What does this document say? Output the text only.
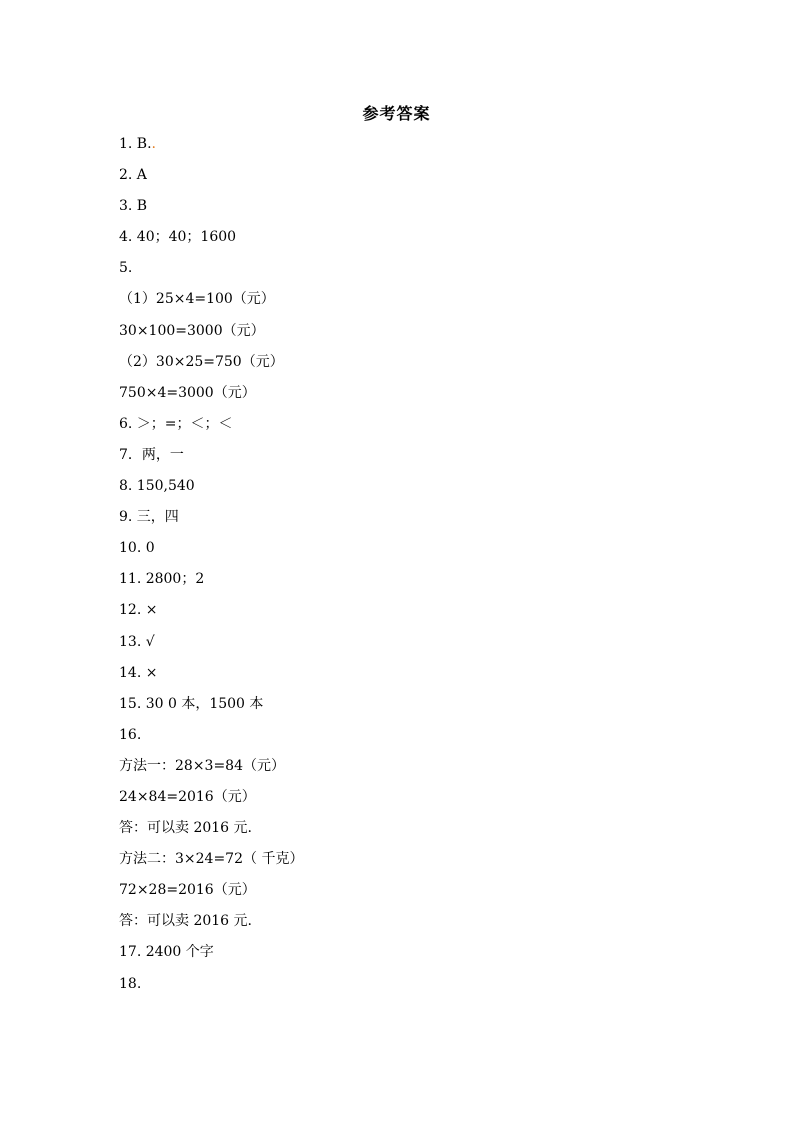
参考答案
1. B..
2. A
3. B
4. 40；40；1600
5.
（1）25×4=100（元）
30×100=3000（元）
（2）30×25=750（元）
750×4=3000（元）
6. ＞；=；＜；＜
7．两，一
8. 150,540
9. 三，四
10. 0
11. 2800；2
12. ×
13. √
14. ×
15. 30 0 本，1500 本
16.
方法一：28×3=84（元）
24×84=2016（元）
答：可以卖 2016 元.
方法二：3×24=72（ 千克）
72×28=2016（元）
答：可以卖 2016 元.
17. 2400 个字
18.
